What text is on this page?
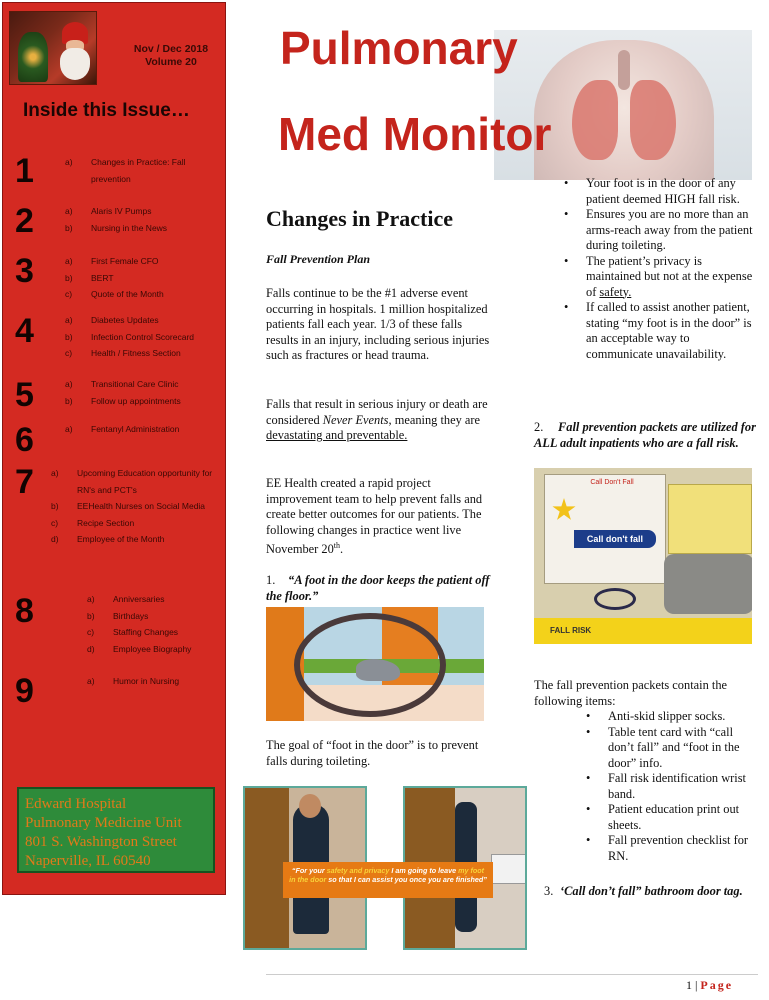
Nov / Dec 2018
Volume 20
Inside this Issue…
1	a)	Changes in Practice: Fall prevention
2	a)	Alaris IV Pumps
b)	Nursing in the News
3	a)	First Female CFO
b)	BERT
c)	Quote of the Month
4	a)	Diabetes Updates
b)	Infection Control Scorecard
c)	Health / Fitness Section
5	a)	Transitional Care Clinic
b)	Follow up appointments
6	a)	Fentanyl Administration
7 a)	Upcoming Education opportunity for RN's and PCT's
b)	EEHealth Nurses on Social Media
c)	Recipe Section
d)	Employee of the Month
8	a)	Anniversaries
b)	Birthdays
c)	Staffing Changes
d)	Employee Biography
9	a)	Humor in Nursing
Edward Hospital
Pulmonary Medicine Unit
801 S. Washington Street
Naperville, IL 60540
Pulmonary
Med Monitor
Changes in Practice
Fall Prevention Plan
Falls continue to be the #1 adverse event occurring in hospitals. 1 million hospitalized patients fall each year. 1/3 of these falls results in an injury, including serious injuries such as fractures or head trauma.
Falls that result in serious injury or death are considered Never Events, meaning they are devastating and preventable.
EE Health created a rapid project improvement team to help prevent falls and create better outcomes for our patients. The following changes in practice went live November 20th.
1. “A foot in the door keeps the patient off the floor.”
The goal of “foot in the door” is to prevent falls during toileting.
“For your safety and privacy I am going to leave my foot in the door so that I can assist you once you are finished”
• Your foot is in the door of any patient deemed HIGH fall risk.
• Ensures you are no more than an arms-reach away from the patient during toileting.
• The patient’s privacy is maintained but not at the expense of safety.
• If called to assist another patient, stating “my foot is in the door” is an acceptable way to communicate unavailability.
2. Fall prevention packets are utilized for ALL adult inpatients who are a fall risk.
Call Don't Fall
Call don't fall
FALL RISK
The fall prevention packets contain the following items:
• Anti-skid slipper socks.
• Table tent card with “call don’t fall” and “foot in the door” info.
• Fall risk identification wrist band.
• Patient education print out sheets.
• Fall prevention checklist for RN.
3. ‘Call don’t fall” bathroom door tag.
1 | Page
